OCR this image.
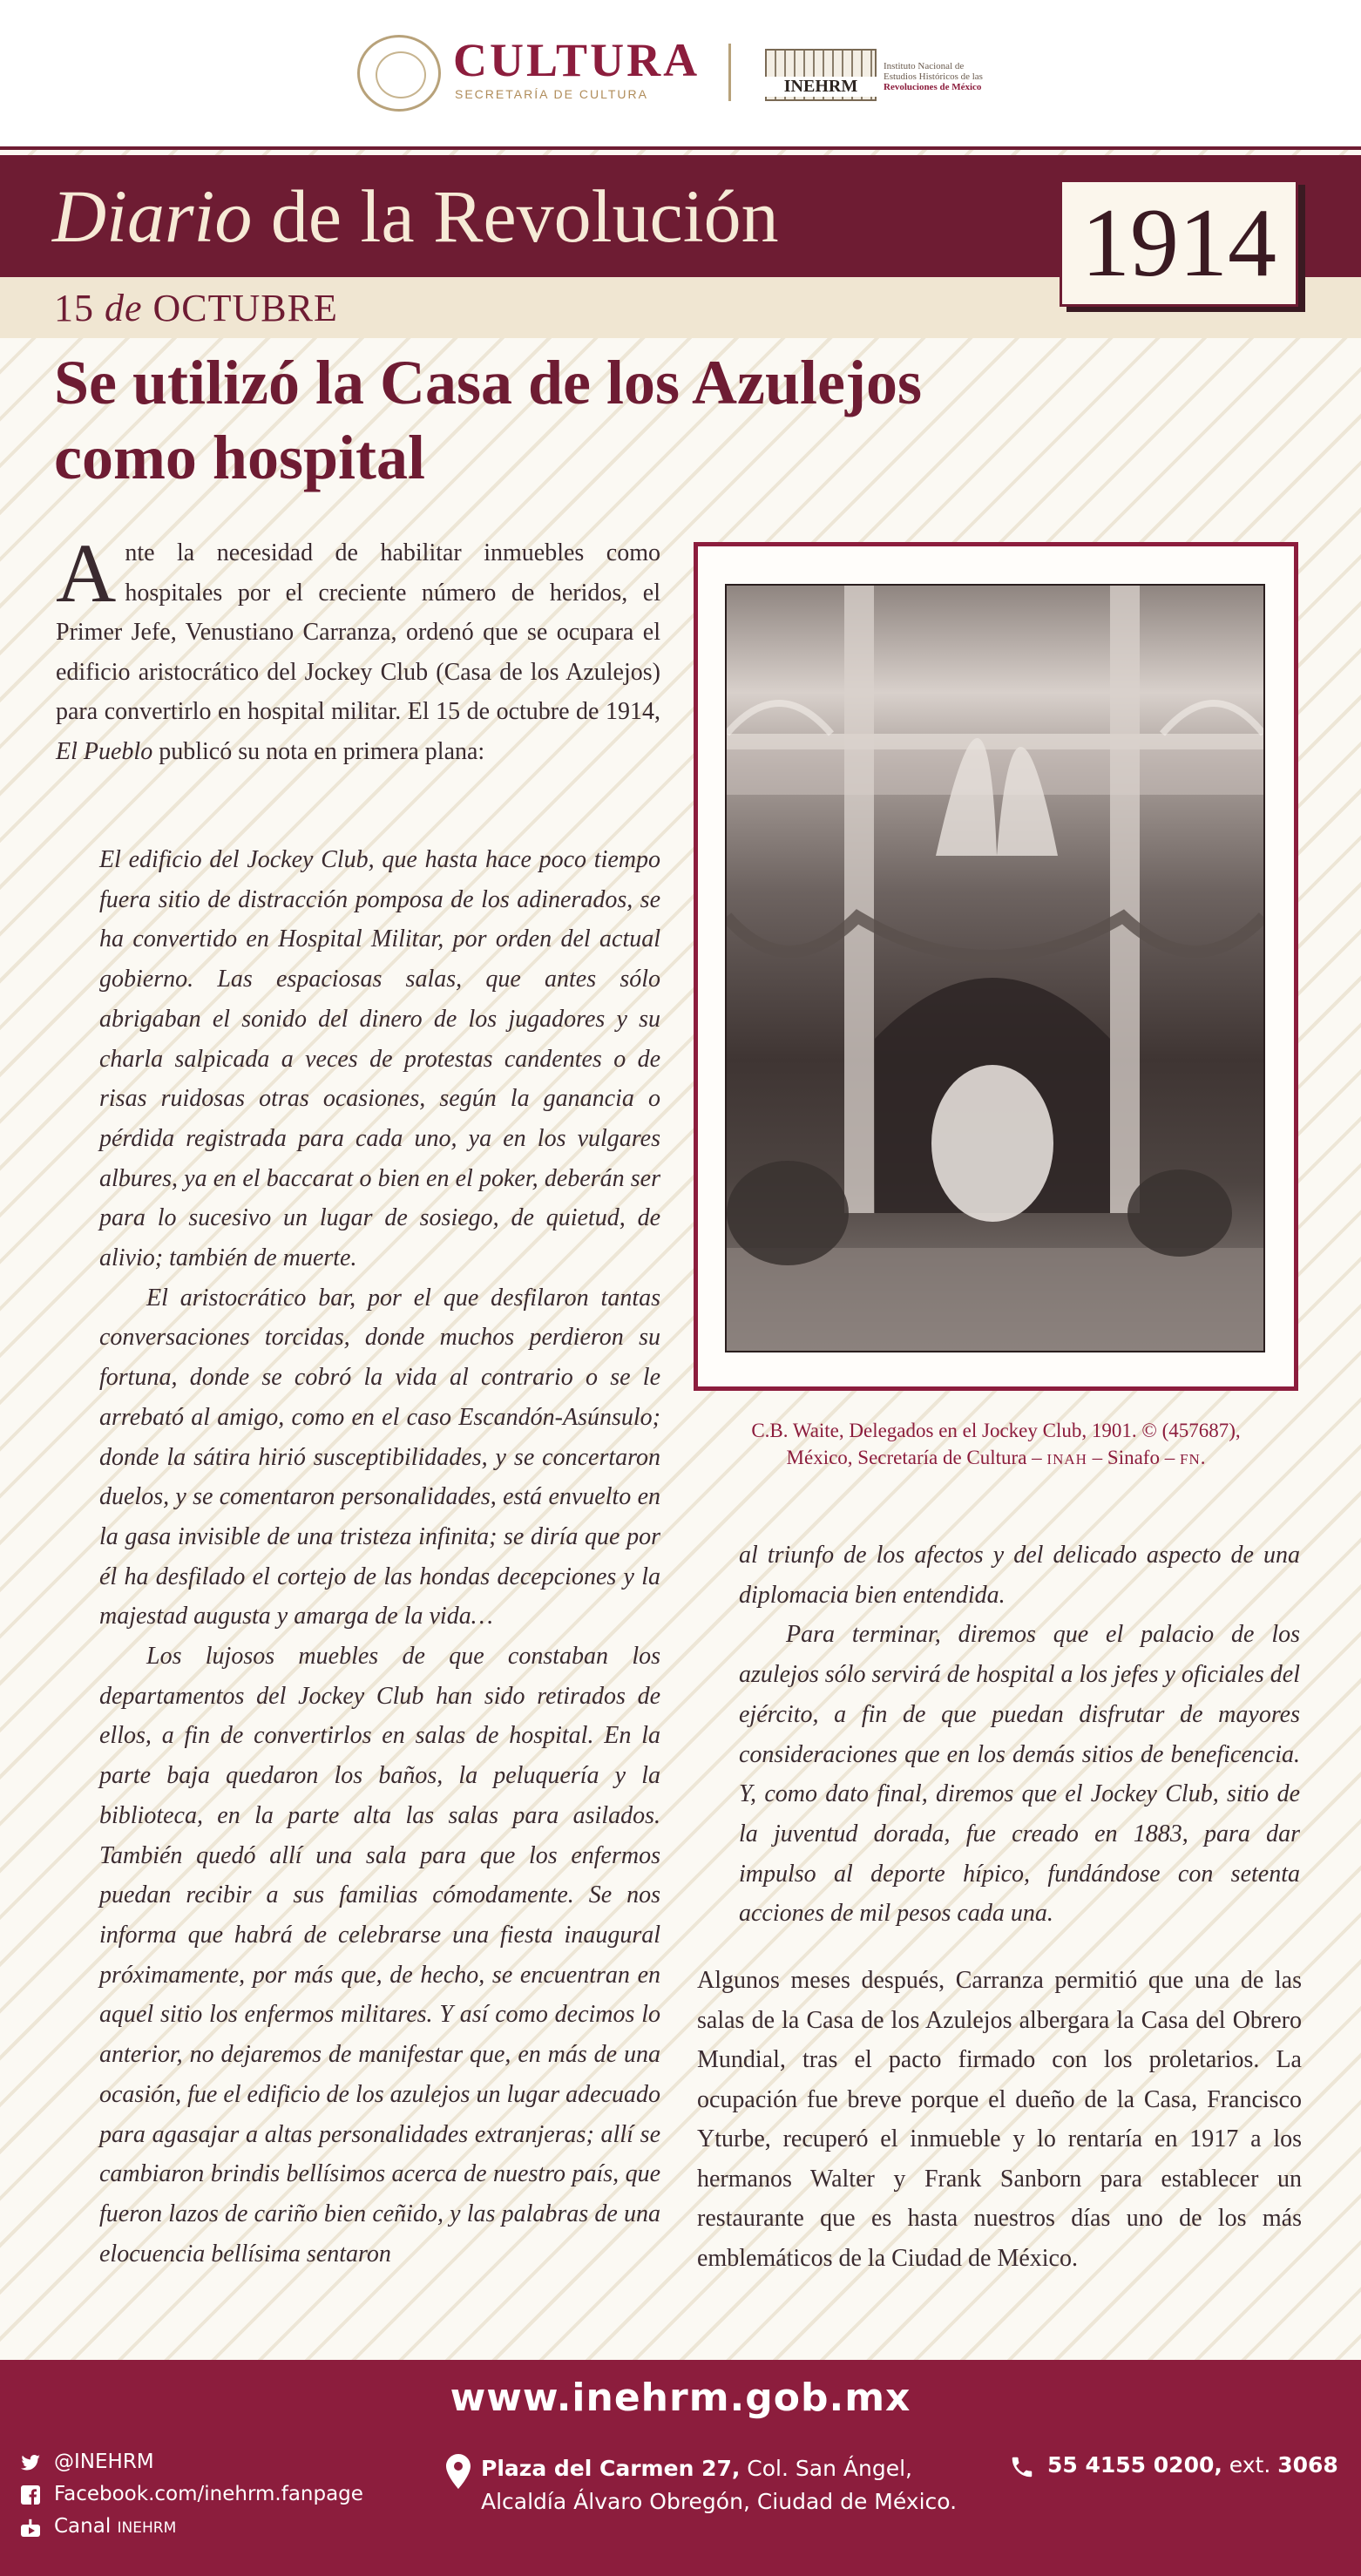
CULTURA
SECRETARÍA DE CULTURA	INEHRM
Instituto Nacional de
Estudios Históricos de las
Revoluciones de México
Diario de la Revolución
15 de OCTUBRE
1914
Se utilizó la Casa de los Azulejos
como hospital
Ante la necesidad de habilitar inmuebles como hospitales por el creciente número de heridos, el Primer Jefe, Venustiano Carranza, ordenó que se ocupara el edificio aristocrático del Jockey Club (Casa de los Azulejos) para convertirlo en hospital militar. El 15 de octubre de 1914, El Pueblo publicó su nota en primera plana:

El edificio del Jockey Club, que hasta hace poco tiempo fuera sitio de distracción pomposa de los adinerados, se ha convertido en Hospital Militar, por orden del actual gobierno. Las espaciosas salas, que antes sólo abrigaban el sonido del dinero de los jugadores y su charla salpicada a veces de protestas candentes o de risas ruidosas otras ocasiones, según la ganancia o pérdida registrada para cada uno, ya en los vulgares albures, ya en el baccarat o bien en el poker, deberán ser para lo sucesivo un lugar de sosiego, de quietud, de alivio; también de muerte.

El aristocrático bar, por el que desfilaron tantas conversaciones torcidas, donde muchos perdieron su fortuna, donde se cobró la vida al contrario o se le arrebató al amigo, como en el caso Escandón-Asúnsulo; donde la sátira hirió susceptibilidades, y se concertaron duelos, y se comentaron personalidades, está envuelto en la gasa invisible de una tristeza infinita; se diría que por él ha desfilado el cortejo de las hondas decepciones y la majestad augusta y amarga de la vida…

Los lujosos muebles de que constaban los departamentos del Jockey Club han sido retirados de ellos, a fin de convertirlos en salas de hospital. En la parte baja quedaron los baños, la peluquería y la biblioteca, en la parte alta las salas para asilados. También quedó allí una sala para que los enfermos puedan recibir a sus familias cómodamente. Se nos informa que habrá de celebrarse una fiesta inaugural próximamente, por más que, de hecho, se encuentran en aquel sitio los enfermos militares. Y así como decimos lo anterior, no dejaremos de manifestar que, en más de una ocasión, fue el edificio de los azulejos un lugar adecuado para agasajar a altas personalidades extranjeras; allí se cambiaron brindis bellísimos acerca de nuestro país, que fueron lazos de cariño bien ceñido, y las palabras de una elocuencia bellísima sentaron

C.B. Waite, Delegados en el Jockey Club, 1901. © (457687),
México, Secretaría de Cultura – INAH – Sinafo – FN.

al triunfo de los afectos y del delicado aspecto de una diplomacia bien entendida.

Para terminar, diremos que el palacio de los azulejos sólo servirá de hospital a los jefes y oficiales del ejército, a fin de que puedan disfrutar de mayores consideraciones que en los demás sitios de beneficencia. Y, como dato final, diremos que el Jockey Club, sitio de la juventud dorada, fue creado en 1883, para dar impulso al deporte hípico, fundándose con setenta acciones de mil pesos cada una.

Algunos meses después, Carranza permitió que una de las salas de la Casa de los Azulejos albergara la Casa del Obrero Mundial, tras el pacto firmado con los proletarios. La ocupación fue breve porque el dueño de la Casa, Francisco Yturbe, recuperó el inmueble y lo rentaría en 1917 a los hermanos Walter y Frank Sanborn para establecer un restaurante que es hasta nuestros días uno de los más emblemáticos de la Ciudad de México.
www.inehrm.gob.mx
@INEHRM
Facebook.com/inehrm.fanpage
▮ Canal INEHRM
Plaza del Carmen 27, Col. San Ángel,
Alcaldía Álvaro Obregón, Ciudad de México.
55 4155 0200, ext. 3068
